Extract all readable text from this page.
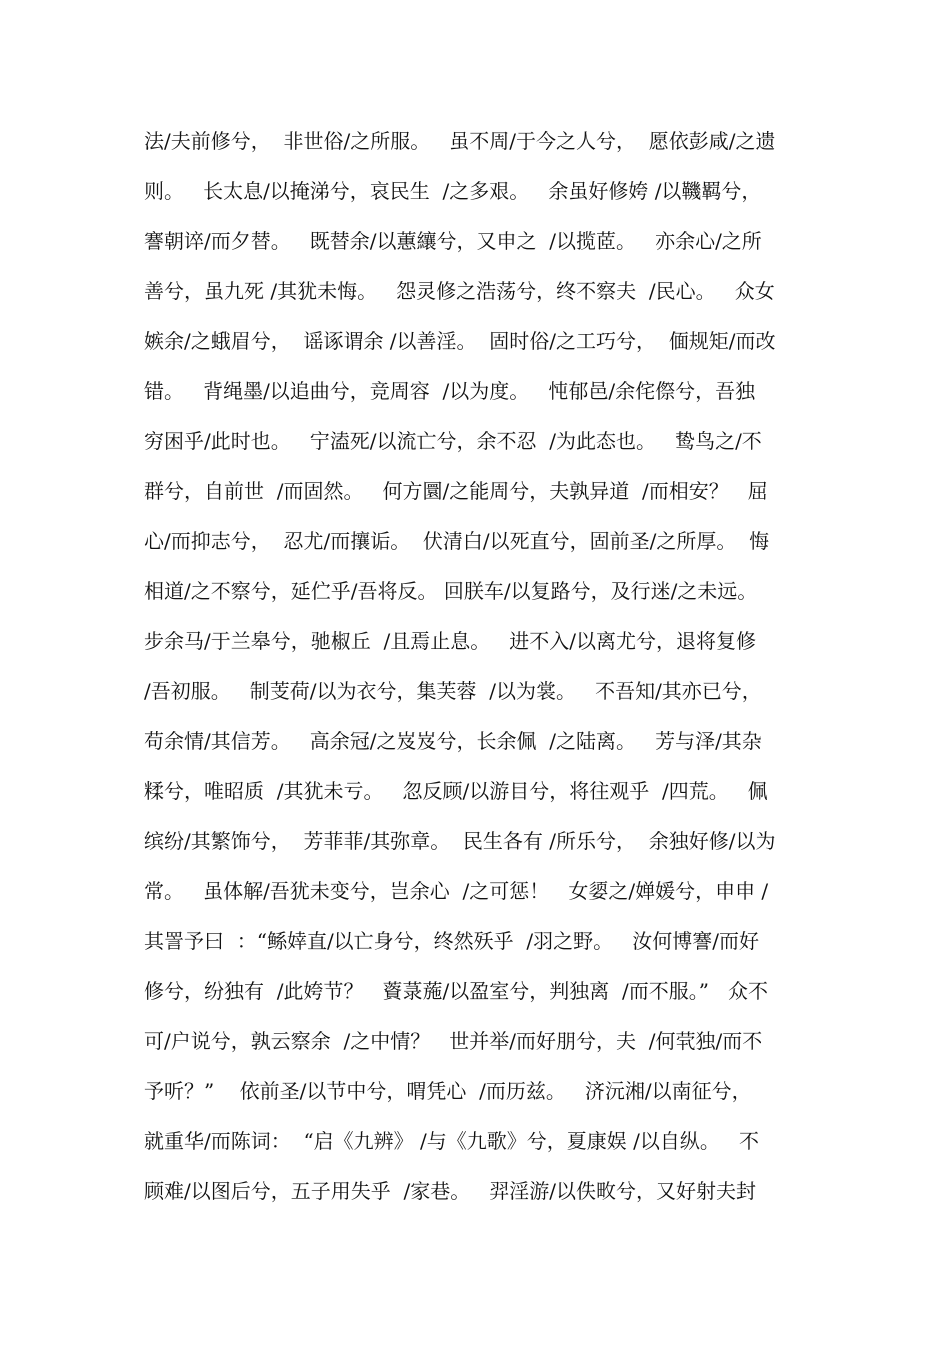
法/夫前修兮，  非世俗/之所服。   虽不周/于今之人兮，  愿依彭咸/之遗
则。   长太息/以掩涕兮，哀民生  /之多艰。   余虽好修姱 /以鞿羁兮，
謇朝谇/而夕替。   既替余/以蕙纕兮，又申之  /以揽茝。   亦余心/之所
善兮，虽九死 /其犹未悔。   怨灵修之浩荡兮，终不察夫  /民心。   众女
嫉余/之蛾眉兮，  谣诼谓余 /以善淫。  固时俗/之工巧兮，  偭规矩/而改
错。   背绳墨/以追曲兮，竞周容  /以为度。   忳郁邑/余侘傺兮，吾独
穷困乎/此时也。   宁溘死/以流亡兮，余不忍  /为此态也。   鸷鸟之/不
群兮，自前世  /而固然。   何方圜/之能周兮，夫孰异道  /而相安？   屈
心/而抑志兮，  忍尤/而攘诟。  伏清白/以死直兮，固前圣/之所厚。  悔
相道/之不察兮，延伫乎/吾将反。 回朕车/以复路兮，及行迷/之未远。
步余马/于兰皋兮，驰椒丘  /且焉止息。   进不入/以离尤兮，退将复修
/吾初服。   制芰荷/以为衣兮，集芙蓉  /以为裳。   不吾知/其亦已兮，
苟余情/其信芳。   高余冠/之岌岌兮，长余佩  /之陆离。   芳与泽/其杂
糅兮，唯昭质  /其犹未亏。   忽反顾/以游目兮，将往观乎  /四荒。   佩
缤纷/其繁饰兮，  芳菲菲/其弥章。  民生各有 /所乐兮，  余独好修/以为
常。   虽体解/吾犹未变兮，岂余心  /之可惩！   女媭之/婵媛兮，申申 /
其詈予曰  ：“鲧婞直/以亡身兮，终然殀乎  /羽之野。   汝何博謇/而好
修兮，纷独有  /此姱节？   薋菉葹/以盈室兮，判独离  /而不服。”   众不
可/户说兮，孰云察余  /之中情？   世并举/而好朋兮，夫  /何茕独/而不
予听？”    依前圣/以节中兮，喟凭心  /而历兹。   济沅湘/以南征兮，
就重华/而陈词：  “启《九辨》 /与《九歌》兮，夏康娱 /以自纵。   不
顾难/以图后兮，五子用失乎  /家巷。   羿淫游/以佚畋兮，又好射夫封
